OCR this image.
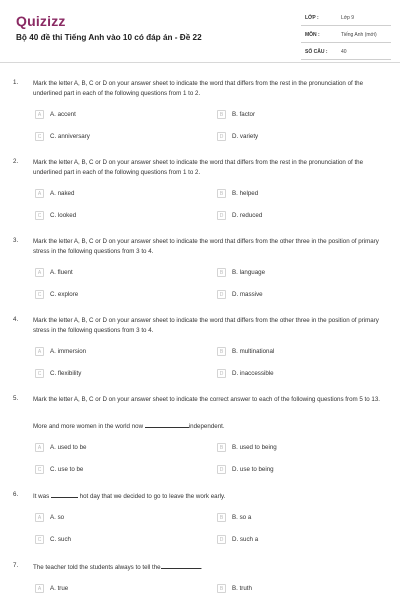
Quizizz
Bộ 40 đề thi Tiếng Anh vào 10 có đáp án - Đề 22
LỚP :	Lớp 9
MÔN :	Tiếng Anh (mới)
SỐ CÂU :	40
1. Mark the letter A, B, C or D on your answer sheet to indicate the word that differs from the rest in the pronunciation of the underlined part in each of the following questions from 1 to 2.
A	A. accent	B	B. factor
C	C. anniversary	D	D. variety
2. Mark the letter A, B, C or D on your answer sheet to indicate the word that differs from the rest in the pronunciation of the underlined part in each of the following questions from 1 to 2.
A	A. naked	B	B. helped
C	C. looked	D	D. reduced
3. Mark the letter A, B, C or D on your answer sheet to indicate the word that differs from the other three in the position of primary stress in the following questions from 3 to 4.
A	A. fluent	B	B. language
C	C. explore	D	D. massive
4. Mark the letter A, B, C or D on your answer sheet to indicate the word that differs from the other three in the position of primary stress in the following questions from 3 to 4.
A	A. immersion	B	B. multinational
C	C. flexibility	D	D. inaccessible
5. Mark the letter A, B, C or D on your answer sheet to indicate the correct answer to each of the following questions from 5 to 13.
More and more women in the world now	independent.
A	A. used to be	B	B. used to being
C	C. use to be	D	D. use to being
6. It was	hot day that we decided to go to leave the work early.
A	A. so	B	B. so a
C	C. such	D	D. such a
7. The teacher told the students always to tell the	.
A	A. true	B	B. truth
